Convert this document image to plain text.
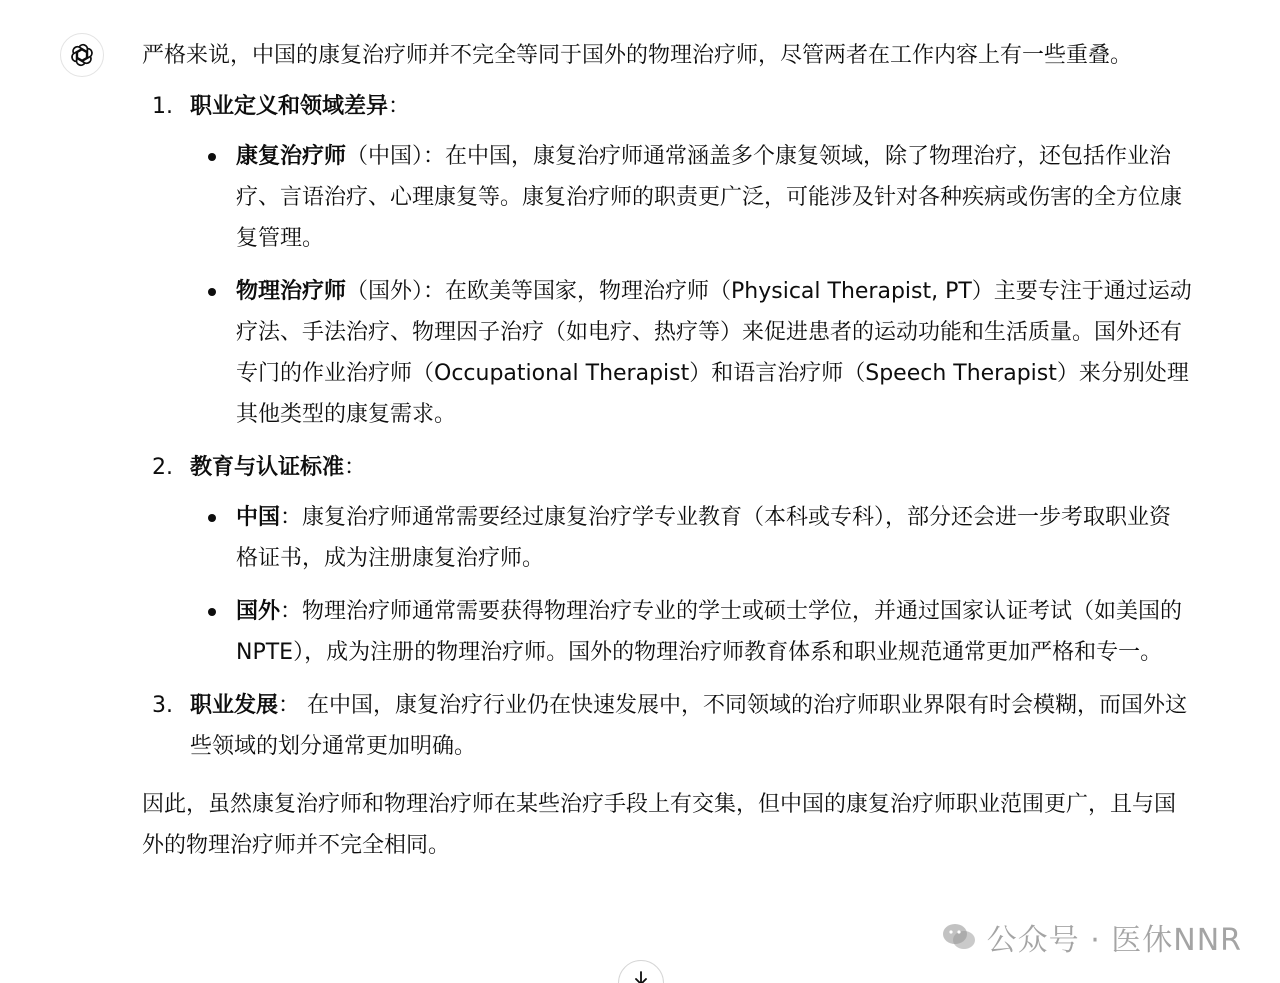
严格来说，中国的康复治疗师并不完全等同于国外的物理治疗师，尽管两者在工作内容上有一些重叠。

1. 职业定义和领域差异：
康复治疗师（中国）：在中国，康复治疗师通常涵盖多个康复领域，除了物理治疗，还包括作业治疗、言语治疗、心理康复等。康复治疗师的职责更广泛，可能涉及针对各种疾病或伤害的全方位康复管理。
物理治疗师（国外）：在欧美等国家，物理治疗师（Physical Therapist, PT）主要专注于通过运动疗法、手法治疗、物理因子治疗（如电疗、热疗等）来促进患者的运动功能和生活质量。国外还有专门的作业治疗师（Occupational Therapist）和语言治疗师（Speech Therapist）来分别处理其他类型的康复需求。
2. 教育与认证标准：
中国：康复治疗师通常需要经过康复治疗学专业教育（本科或专科），部分还会进一步考取职业资格证书，成为注册康复治疗师。
国外：物理治疗师通常需要获得物理治疗专业的学士或硕士学位，并通过国家认证考试（如美国的NPTE），成为注册的物理治疗师。国外的物理治疗师教育体系和职业规范通常更加严格和专一。
3. 职业发展： 在中国，康复治疗行业仍在快速发展中，不同领域的治疗师职业界限有时会模糊，而国外这些领域的划分通常更加明确。

因此，虽然康复治疗师和物理治疗师在某些治疗手段上有交集，但中国的康复治疗师职业范围更广，且与国外的物理治疗师并不完全相同。

公众号 · 医休NNR
